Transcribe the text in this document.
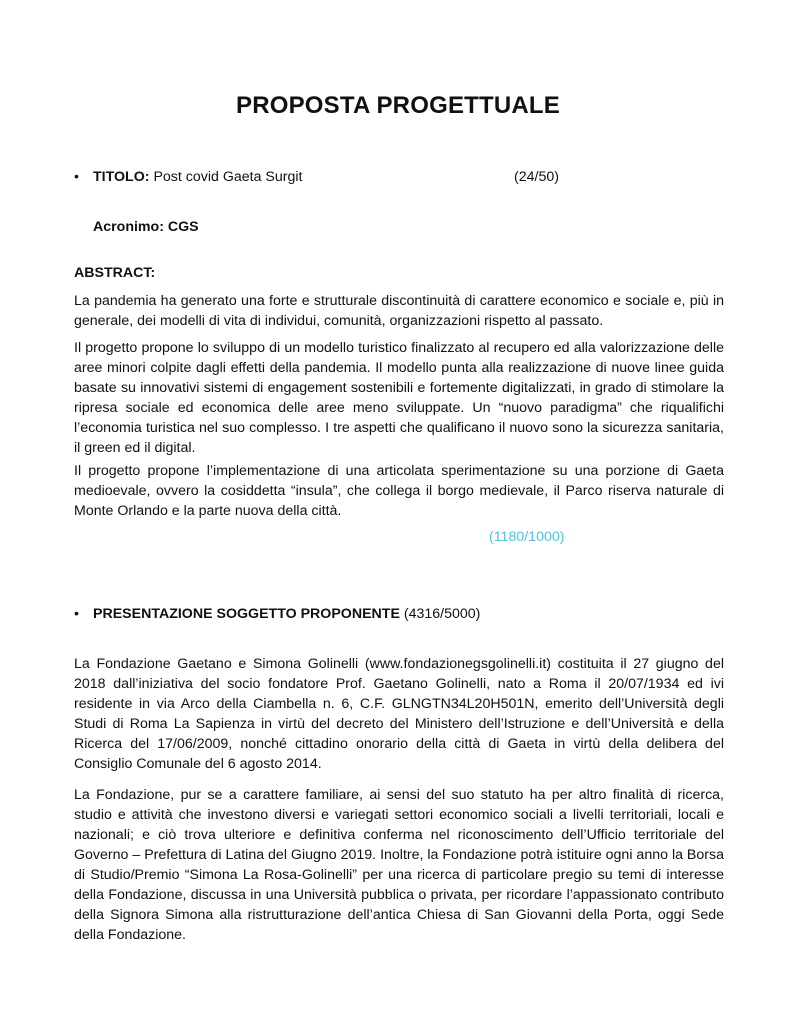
PROPOSTA PROGETTUALE
• TITOLO: Post covid Gaeta Surgit	(24/50)
Acronimo: CGS
ABSTRACT:

La pandemia ha generato una forte e strutturale discontinuità di carattere economico e sociale e, più in generale, dei modelli di vita di individui, comunità, organizzazioni rispetto al passato.

Il progetto propone lo sviluppo di un modello turistico finalizzato al recupero ed alla valorizzazione delle aree minori colpite dagli effetti della pandemia. Il modello punta alla realizzazione di nuove linee guida basate su innovativi sistemi di engagement sostenibili e fortemente digitalizzati, in grado di stimolare la ripresa sociale ed economica delle aree meno sviluppate. Un “nuovo paradigma” che riqualifichi l’economia turistica nel suo complesso. I tre aspetti che qualificano il nuovo sono la sicurezza sanitaria, il green ed il digital.

Il progetto propone l’implementazione di una articolata sperimentazione su una porzione di Gaeta medioevale, ovvero la cosiddetta “insula”, che collega il borgo medievale, il Parco riserva naturale di Monte Orlando e la parte nuova della città.

(1180/1000)
• PRESENTAZIONE SOGGETTO PROPONENTE (4316/5000)

La Fondazione Gaetano e Simona Golinelli (www.fondazionegsgolinelli.it) costituita il 27 giugno del 2018 dall’iniziativa del socio fondatore Prof. Gaetano Golinelli, nato a Roma il 20/07/1934 ed ivi residente in via Arco della Ciambella n. 6, C.F. GLNGTN34L20H501N, emerito dell’Università degli Studi di Roma La Sapienza in virtù del decreto del Ministero dell’Istruzione e dell’Università e della Ricerca del 17/06/2009, nonché cittadino onorario della città di Gaeta in virtù della delibera del Consiglio Comunale del 6 agosto 2014.

La Fondazione, pur se a carattere familiare, ai sensi del suo statuto ha per altro finalità di ricerca, studio e attività che investono diversi e variegati settori economico sociali a livelli territoriali, locali e nazionali; e ciò trova ulteriore e definitiva conferma nel riconoscimento dell’Ufficio territoriale del Governo – Prefettura di Latina del Giugno 2019. Inoltre, la Fondazione potrà istituire ogni anno la Borsa di Studio/Premio “Simona La Rosa-Golinelli” per una ricerca di particolare pregio su temi di interesse della Fondazione, discussa in una Università pubblica o privata, per ricordare l’appassionato contributo della Signora Simona alla ristrutturazione dell’antica Chiesa di San Giovanni della Porta, oggi Sede della Fondazione.
